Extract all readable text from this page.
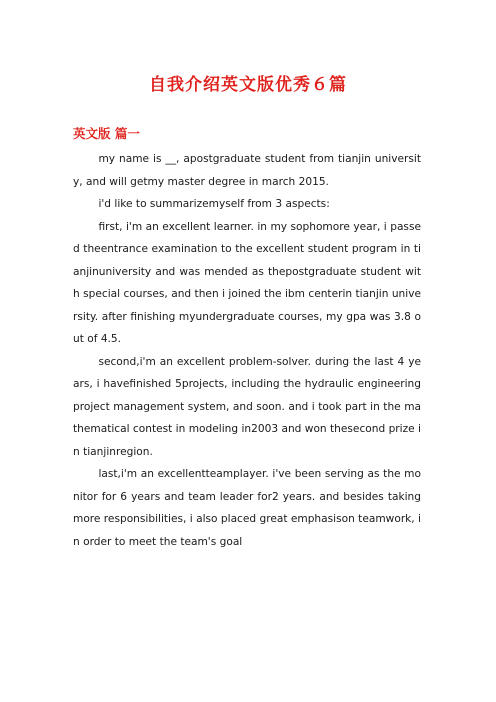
自我介绍英文版优秀６篇
英文版 篇一

my name is __, apostgraduate student from tianjin university, and will getmy master degree in march 2015.

i'd like to summarizemyself from 3 aspects:

first, i'm an excellent learner. in my sophomore year, i passed theentrance examination to the excellent student program in tianjinuniversity and was mended as thepostgraduate student with special courses, and then i joined the ibm centerin tianjin university. after finishing myundergraduate courses, my gpa was 3.8 out of 4.5.

second,i'm an excellent problem-solver. during the last 4 years, i havefinished 5projects, including the hydraulic engineering project management system, and soon. and i took part in the mathematical contest in modeling in2003 and won thesecond prize in tianjinregion.

last,i'm an excellentteamplayer. i've been serving as the monitor for 6 years and team leader for2 years. and besides taking more responsibilities, i also placed great emphasison teamwork, in order to meet the team's goal
